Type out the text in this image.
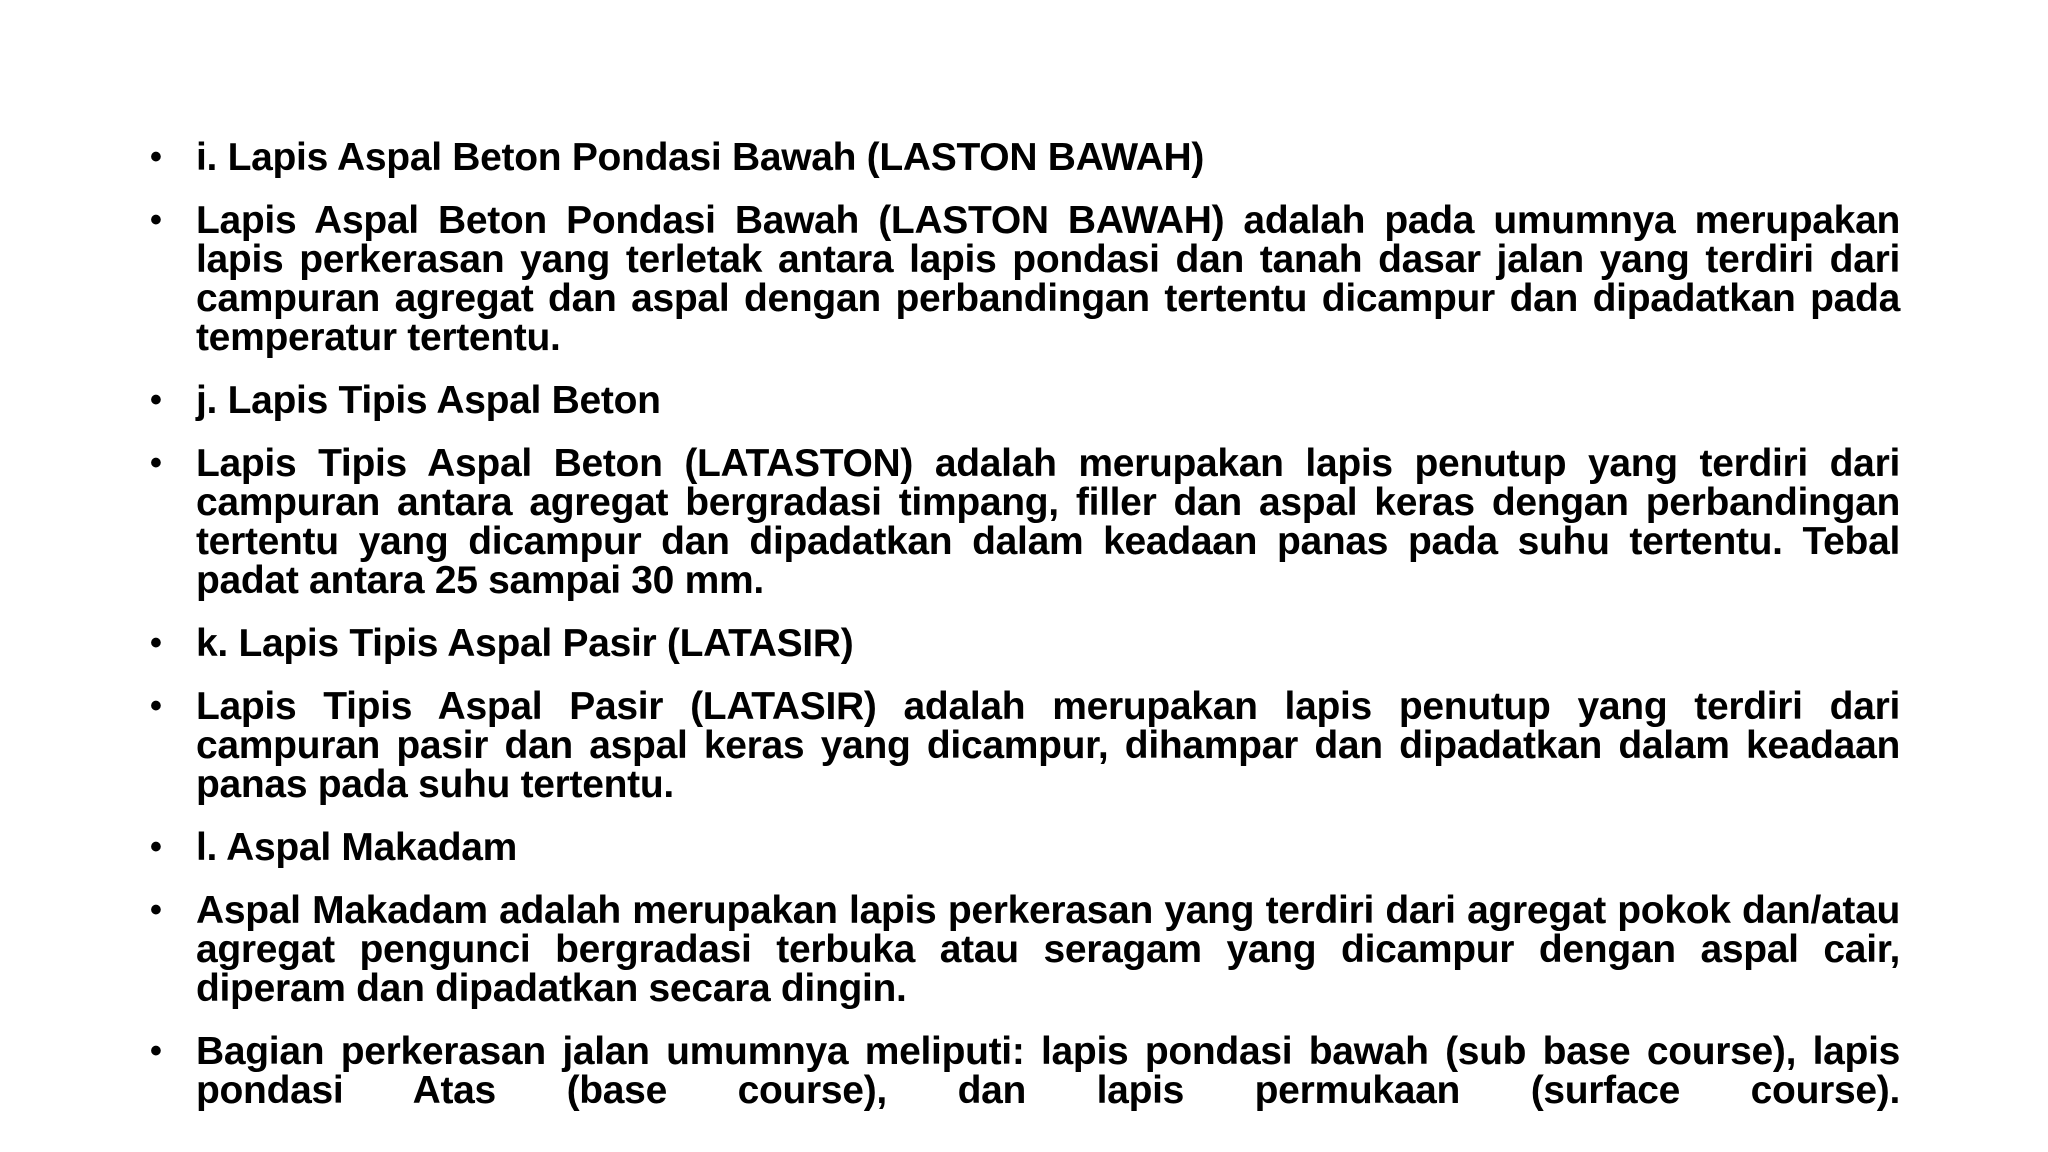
• i. Lapis Aspal Beton Pondasi Bawah (LASTON BAWAH)
• Lapis Aspal Beton Pondasi Bawah (LASTON BAWAH) adalah pada umumnya merupakan lapis perkerasan yang terletak antara lapis pondasi dan tanah dasar jalan yang terdiri dari campuran agregat dan aspal dengan perbandingan tertentu dicampur dan dipadatkan pada temperatur tertentu.
• j. Lapis Tipis Aspal Beton
• Lapis Tipis Aspal Beton (LATASTON) adalah merupakan lapis penutup yang terdiri dari campuran antara agregat bergradasi timpang, filler dan aspal keras dengan perbandingan tertentu yang dicampur dan dipadatkan dalam keadaan panas pada suhu tertentu. Tebal padat antara 25 sampai 30 mm.
• k. Lapis Tipis Aspal Pasir (LATASIR)
• Lapis Tipis Aspal Pasir (LATASIR) adalah merupakan lapis penutup yang terdiri dari campuran pasir dan aspal keras yang dicampur, dihampar dan dipadatkan dalam keadaan panas pada suhu tertentu.
• l. Aspal Makadam
• Aspal Makadam adalah merupakan lapis perkerasan yang terdiri dari agregat pokok dan/atau agregat pengunci bergradasi terbuka atau seragam yang dicampur dengan aspal cair, diperam dan dipadatkan secara dingin.
• Bagian perkerasan jalan umumnya meliputi: lapis pondasi bawah (sub base course), lapis pondasi Atas (base course), dan lapis permukaan (surface course).
